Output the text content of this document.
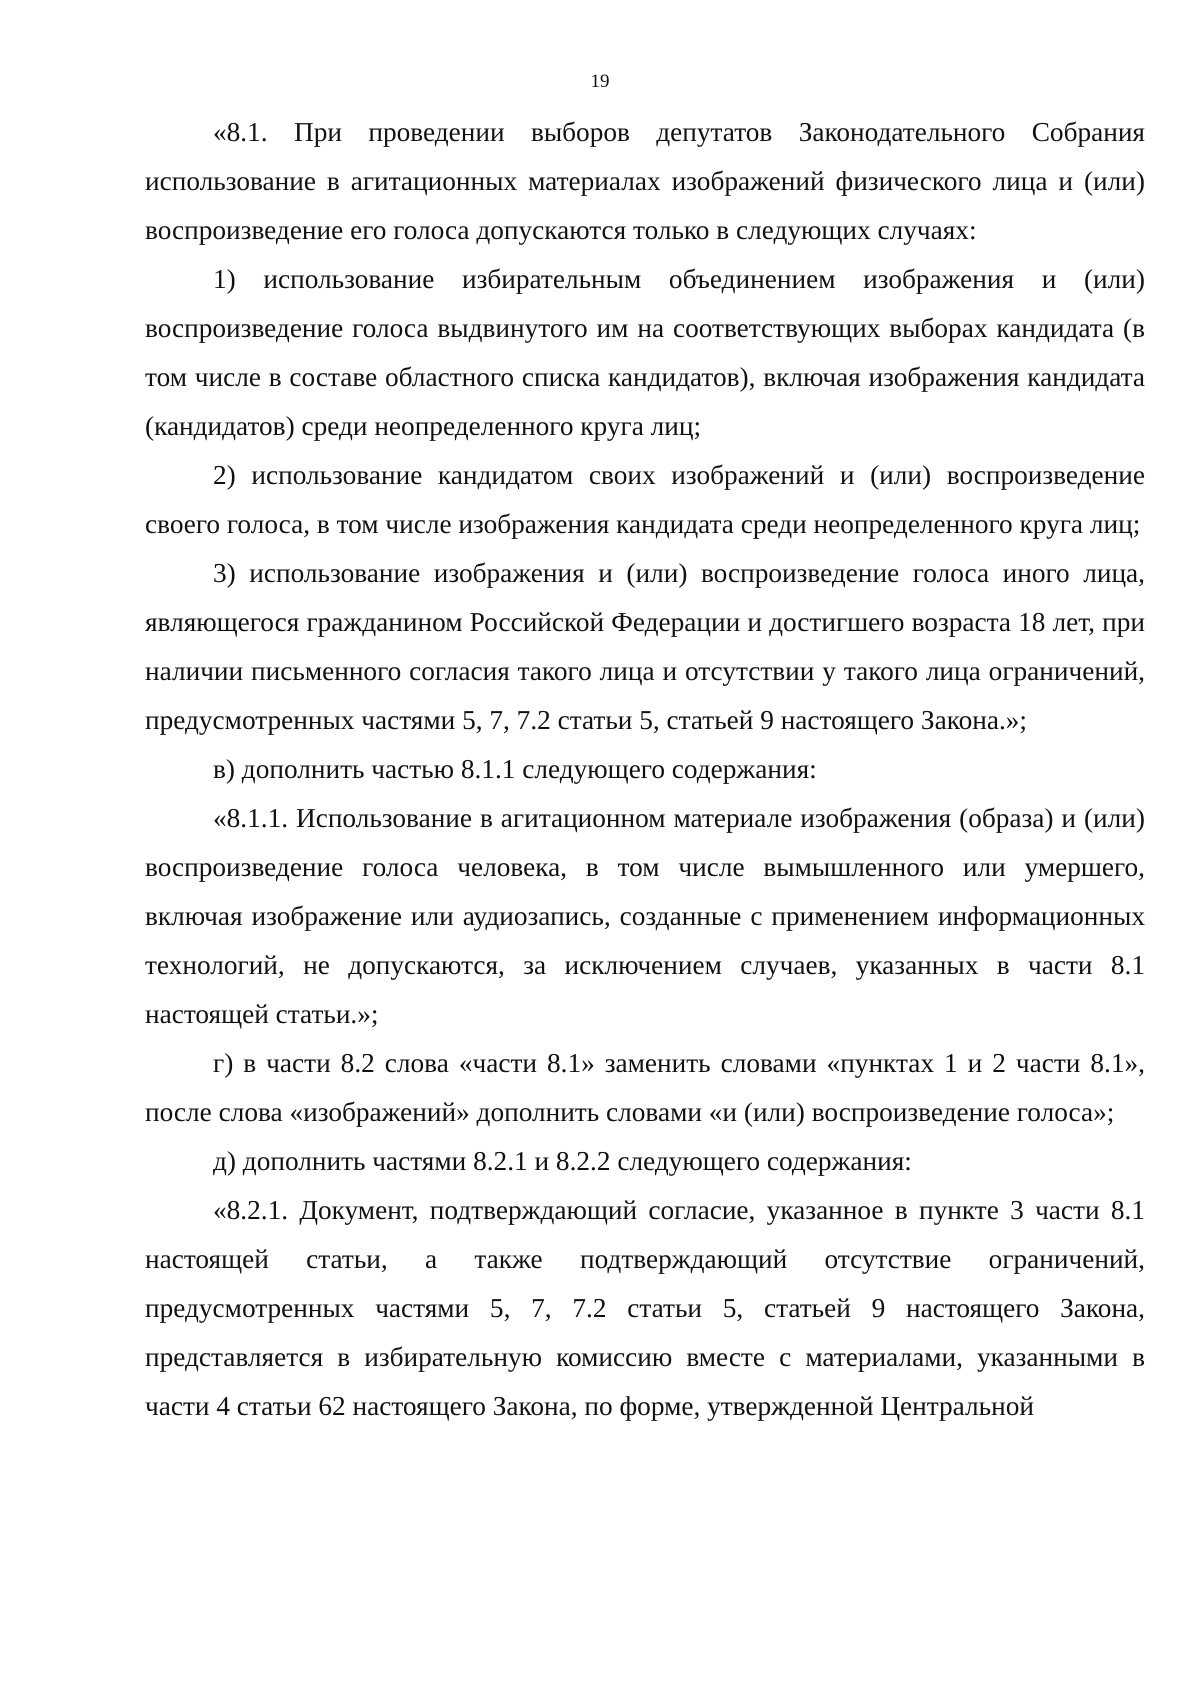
19

«8.1. При проведении выборов депутатов Законодательного Собрания использование в агитационных материалах изображений физического лица и (или) воспроизведение его голоса допускаются только в следующих случаях:

1) использование избирательным объединением изображения и (или) воспроизведение голоса выдвинутого им на соответствующих выборах кандидата (в том числе в составе областного списка кандидатов), включая изображения кандидата (кандидатов) среди неопределенного круга лиц;

2) использование кандидатом своих изображений и (или) воспроизведение своего голоса, в том числе изображения кандидата среди неопределенного круга лиц;

3) использование изображения и (или) воспроизведение голоса иного лица, являющегося гражданином Российской Федерации и достигшего возраста 18 лет, при наличии письменного согласия такого лица и отсутствии у такого лица ограничений, предусмотренных частями 5, 7, 7.2 статьи 5, статьей 9 настоящего Закона.»;

в) дополнить частью 8.1.1 следующего содержания:

«8.1.1. Использование в агитационном материале изображения (образа) и (или) воспроизведение голоса человека, в том числе вымышленного или умершего, включая изображение или аудиозапись, созданные с применением информационных технологий, не допускаются, за исключением случаев, указанных в части 8.1 настоящей статьи.»;

г) в части 8.2 слова «части 8.1» заменить словами «пунктах 1 и 2 части 8.1», после слова «изображений» дополнить словами «и (или) воспроизведение голоса»;

д) дополнить частями 8.2.1 и 8.2.2 следующего содержания:

«8.2.1. Документ, подтверждающий согласие, указанное в пункте 3 части 8.1 настоящей статьи, а также подтверждающий отсутствие ограничений, предусмотренных частями 5, 7, 7.2 статьи 5, статьей 9 настоящего Закона, представляется в избирательную комиссию вместе с материалами, указанными в части 4 статьи 62 настоящего Закона, по форме, утвержденной Центральной
